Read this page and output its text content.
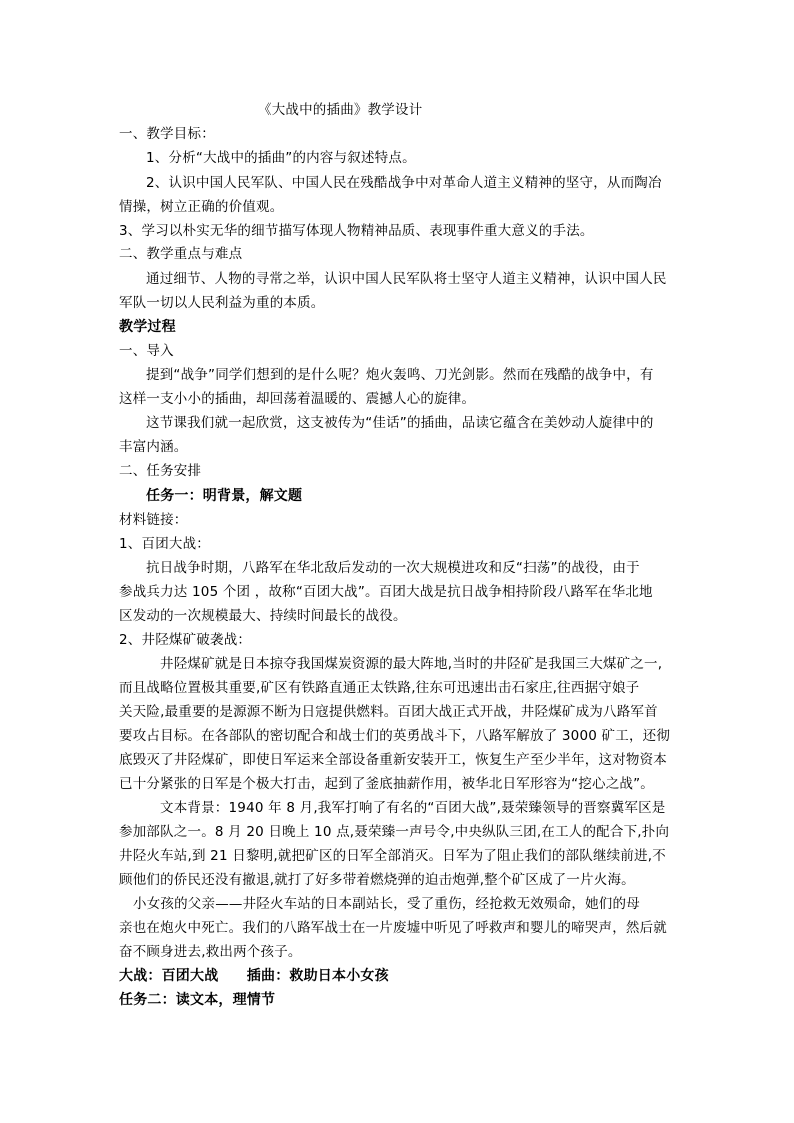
《大战中的插曲》教学设计
一、教学目标：
1、分析“大战中的插曲”的内容与叙述特点。
2、认识中国人民军队、中国人民在残酷战争中对革命人道主义精神的坚守，从而陶冶
情操，树立正确的价值观。
3、学习以朴实无华的细节描写体现人物精神品质、表现事件重大意义的手法。
二、教学重点与难点
通过细节、人物的寻常之举，认识中国人民军队将士坚守人道主义精神，认识中国人民
军队一切以人民利益为重的本质。
教学过程
一、导入
提到“战争”同学们想到的是什么呢？炮火轰鸣、刀光剑影。然而在残酷的战争中，有
这样一支小小的插曲，却回荡着温暖的、震撼人心的旋律。
这节课我们就一起欣赏，这支被传为“佳话”的插曲，品读它蕴含在美妙动人旋律中的
丰富内涵。
二、任务安排
任务一：明背景，解文题
材料链接：
1、百团大战：
抗日战争时期，八路军在华北敌后发动的一次大规模进攻和反“扫荡”的战役，由于
参战兵力达 105 个团 ，故称“百团大战”。百团大战是抗日战争相持阶段八路军在华北地
区发动的一次规模最大、持续时间最长的战役。
2、井陉煤矿破袭战：
井陉煤矿就是日本掠夺我国煤炭资源的最大阵地,当时的井陉矿是我国三大煤矿之一,
而且战略位置极其重要,矿区有铁路直通正太铁路,往东可迅速出击石家庄,往西据守娘子
关天险,最重要的是源源不断为日寇提供燃料。百团大战正式开战，井陉煤矿成为八路军首
要攻占目标。在各部队的密切配合和战士们的英勇战斗下，八路军解放了 3000 矿工，还彻
底毁灭了井陉煤矿，即使日军运来全部设备重新安装开工，恢复生产至少半年，这对物资本
已十分紧张的日军是个极大打击，起到了釜底抽薪作用，被华北日军形容为“挖心之战”。
文本背景：1940 年 8 月,我军打响了有名的“百团大战”,聂荣臻领导的晋察冀军区是
参加部队之一。8 月 20 日晚上 10 点,聂荣臻一声号令,中央纵队三团,在工人的配合下,扑向
井陉火车站,到 21 日黎明,就把矿区的日军全部消灭。日军为了阻止我们的部队继续前进,不
顾他们的侨民还没有撤退,就打了好多带着燃烧弹的迫击炮弹,整个矿区成了一片火海。
小女孩的父亲——井陉火车站的日本副站长，受了重伤，经抢救无效殒命，她们的母
亲也在炮火中死亡。我们的八路军战士在一片废墟中听见了呼救声和婴儿的啼哭声，然后就
奋不顾身进去,救出两个孩子。
大战：百团大战　　插曲：救助日本小女孩
任务二：读文本，理情节
